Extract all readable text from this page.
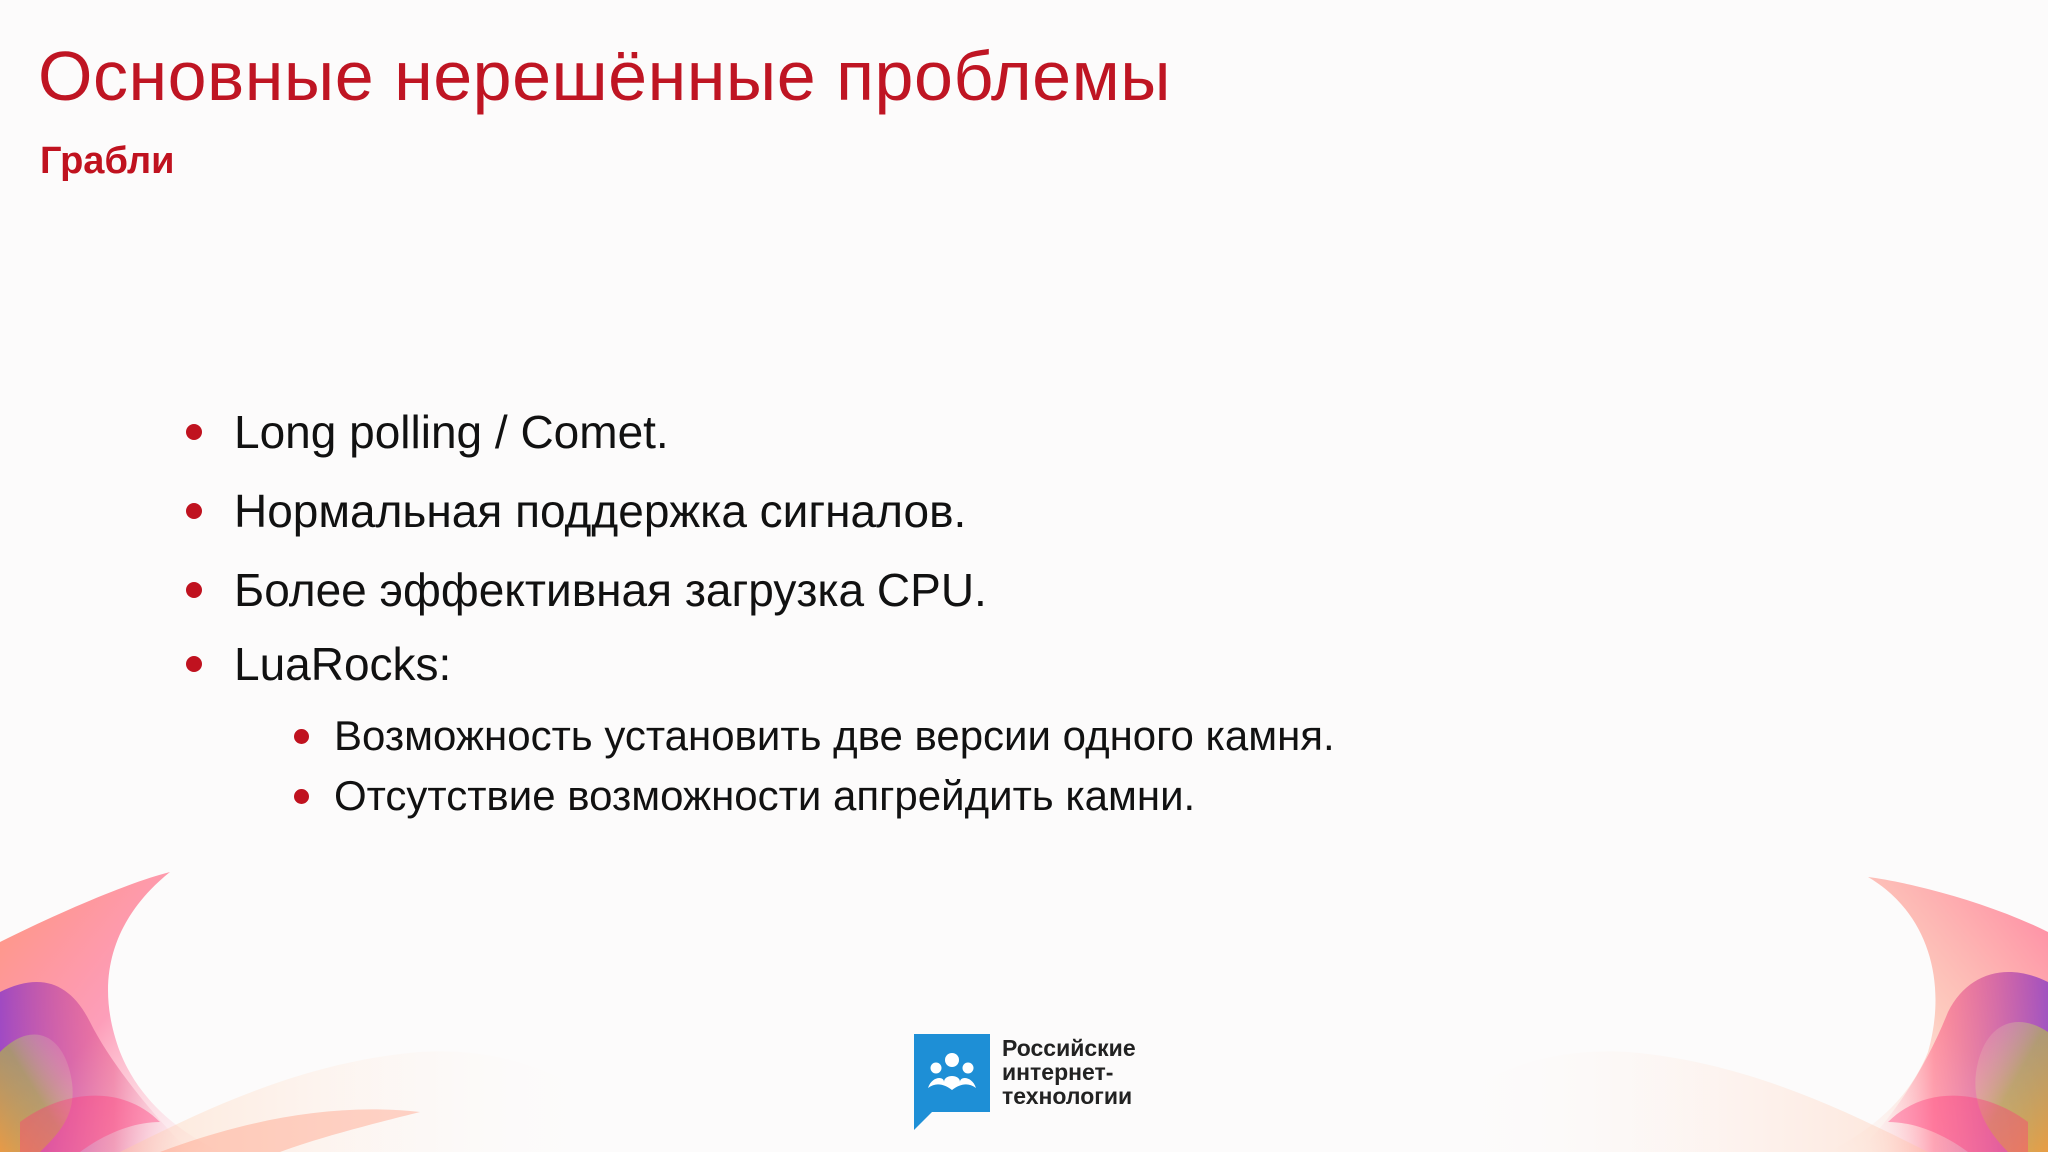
Основные нерешённые проблемы
Грабли
Long polling / Comet.
Нормальная поддержка сигналов.
Более эффективная загрузка CPU.
LuaRocks:
Возможность установить две версии одного камня.
Отсутствие возможности апгрейдить камни.
Российские
интернет-
технологии
